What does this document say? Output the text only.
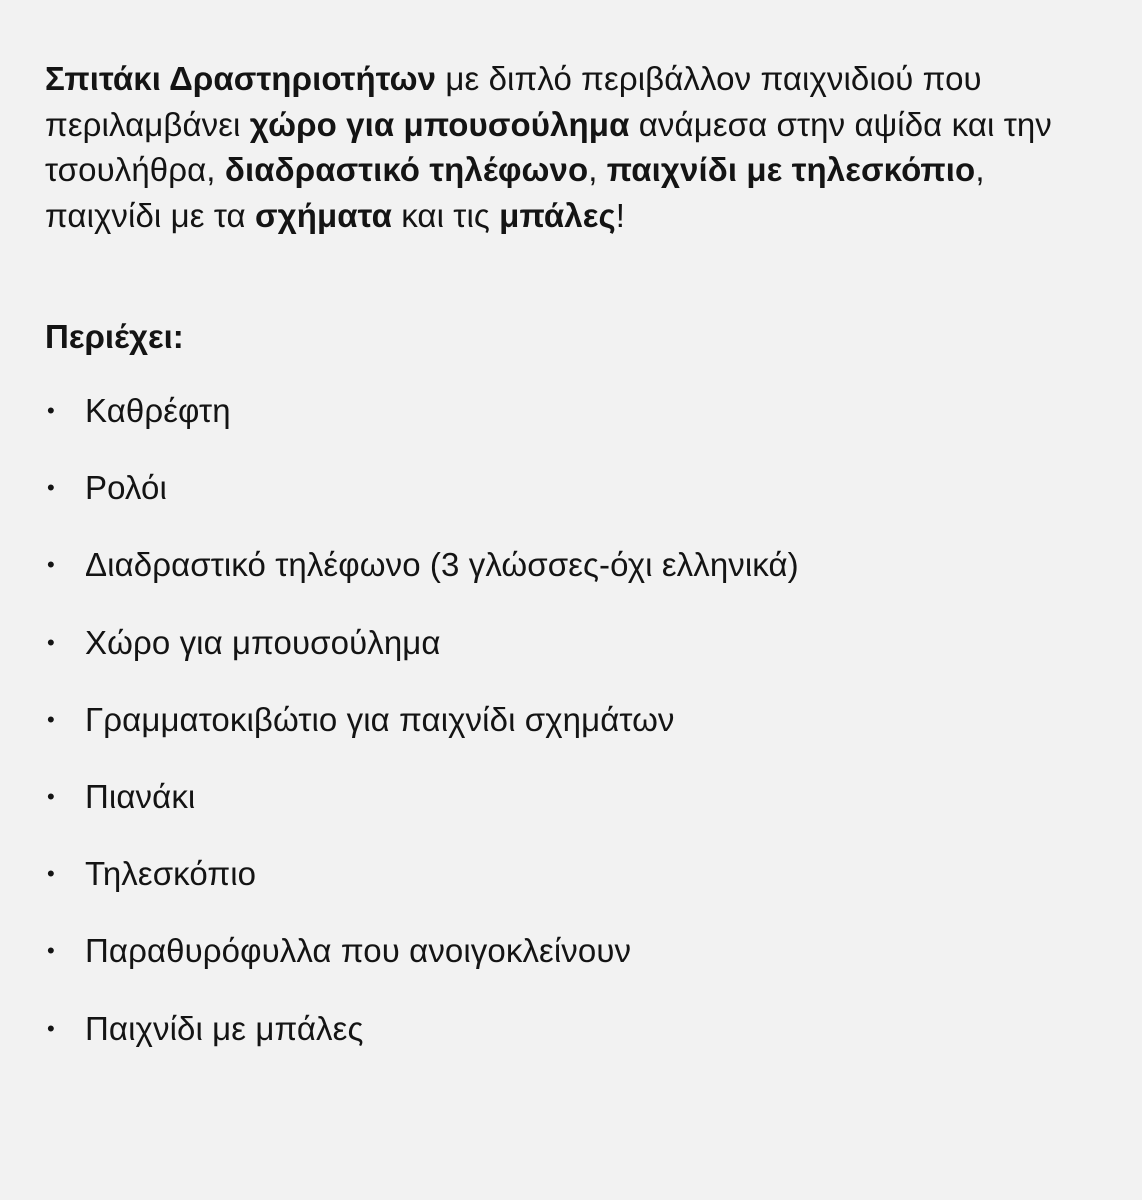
Σπιτάκι Δραστηριοτήτων με διπλό περιβάλλον παιχνιδιού που περιλαμβάνει χώρο για μπουσούλημα ανάμεσα στην αψίδα και την τσουλήθρα, διαδραστικό τηλέφωνο, παιχνίδι με τηλεσκόπιο, παιχνίδι με τα σχήματα και τις μπάλες!

Περιέχει:
• Καθρέφτη
• Ρολόι
• Διαδραστικό τηλέφωνο (3 γλώσσες-όχι ελληνικά)
• Χώρο για μπουσούλημα
• Γραμματοκιβώτιο για παιχνίδι σχημάτων
• Πιανάκι
• Τηλεσκόπιο
• Παραθυρόφυλλα που ανοιγοκλείνουν
• Παιχνίδι με μπάλες
